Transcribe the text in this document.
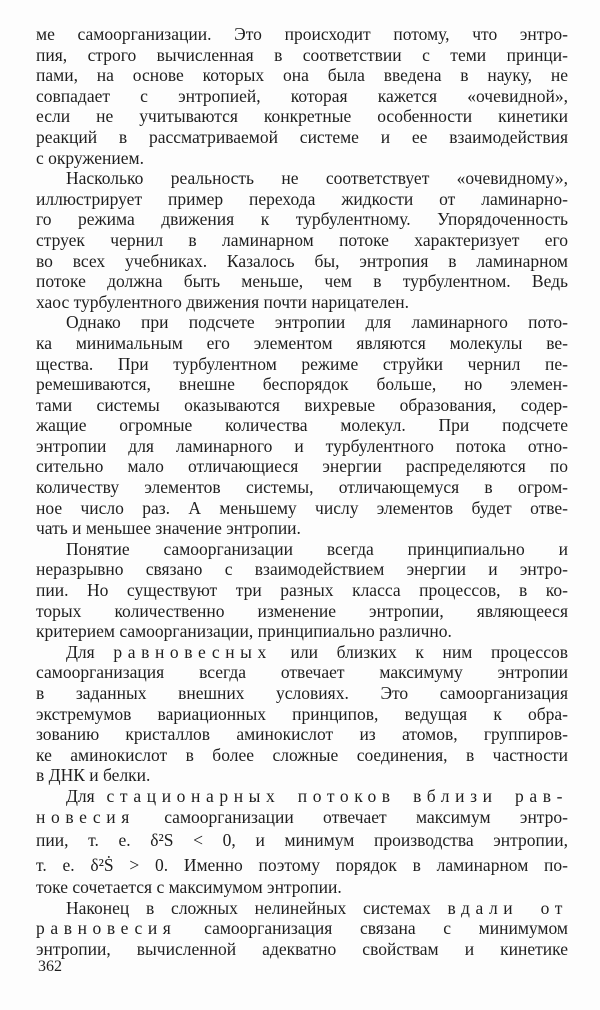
ме самоорганизации. Это происходит потому, что энтро-
пия, строго вычисленная в соответствии с теми принци-
пами, на основе которых она была введена в науку, не
совпадает с энтропией, которая кажется «очевидной»,
если не учитываются конкретные особенности кинетики
реакций в рассматриваемой системе и ее взаимодействия
с окружением.
Насколько реальность не соответствует «очевидному»,
иллюстрирует пример перехода жидкости от ламинарно-
го режима движения к турбулентному. Упорядоченность
струек чернил в ламинарном потоке характеризует его
во всех учебниках. Казалось бы, энтропия в ламинарном
потоке должна быть меньше, чем в турбулентном. Ведь
хаос турбулентного движения почти нарицателен.
Однако при подсчете энтропии для ламинарного пото-
ка минимальным его элементом являются молекулы ве-
щества. При турбулентном режиме струйки чернил пе-
ремешиваются, внешне беспорядок больше, но элемен-
тами системы оказываются вихревые образования, содер-
жащие огромные количества молекул. При подсчете
энтропии для ламинарного и турбулентного потока отно-
сительно мало отличающиеся энергии распределяются по
количеству элементов системы, отличающемуся в огром-
ное число раз. А меньшему числу элементов будет отве-
чать и меньшее значение энтропии.
Понятие самоорганизации всегда принципиально и
неразрывно связано с взаимодействием энергии и энтро-
пии. Но существуют три разных класса процессов, в ко-
торых количественно изменение энтропии, являющееся
критерием самоорганизации, принципиально различно.
Для равновесных или близких к ним процессов
самоорганизация всегда отвечает максимуму энтропии
в заданных внешних условиях. Это самоорганизация
экстремумов вариационных принципов, ведущая к обра-
зованию кристаллов аминокислот из атомов, группиров-
ке аминокислот в более сложные соединения, в частности
в ДНК и белки.
Для стационарных потоков вблизи рав-
новесия самоорганизации отвечает максимум энтро-
пии, т. е. δ²S < 0, и минимум производства энтропии,
т. е. δ²Ṡ > 0. Именно поэтому порядок в ламинарном по-
токе сочетается с максимумом энтропии.
Наконец в сложных нелинейных системах вдали от
равновесия самоорганизация связана с минимумом
энтропии, вычисленной адекватно свойствам и кинетике
362
